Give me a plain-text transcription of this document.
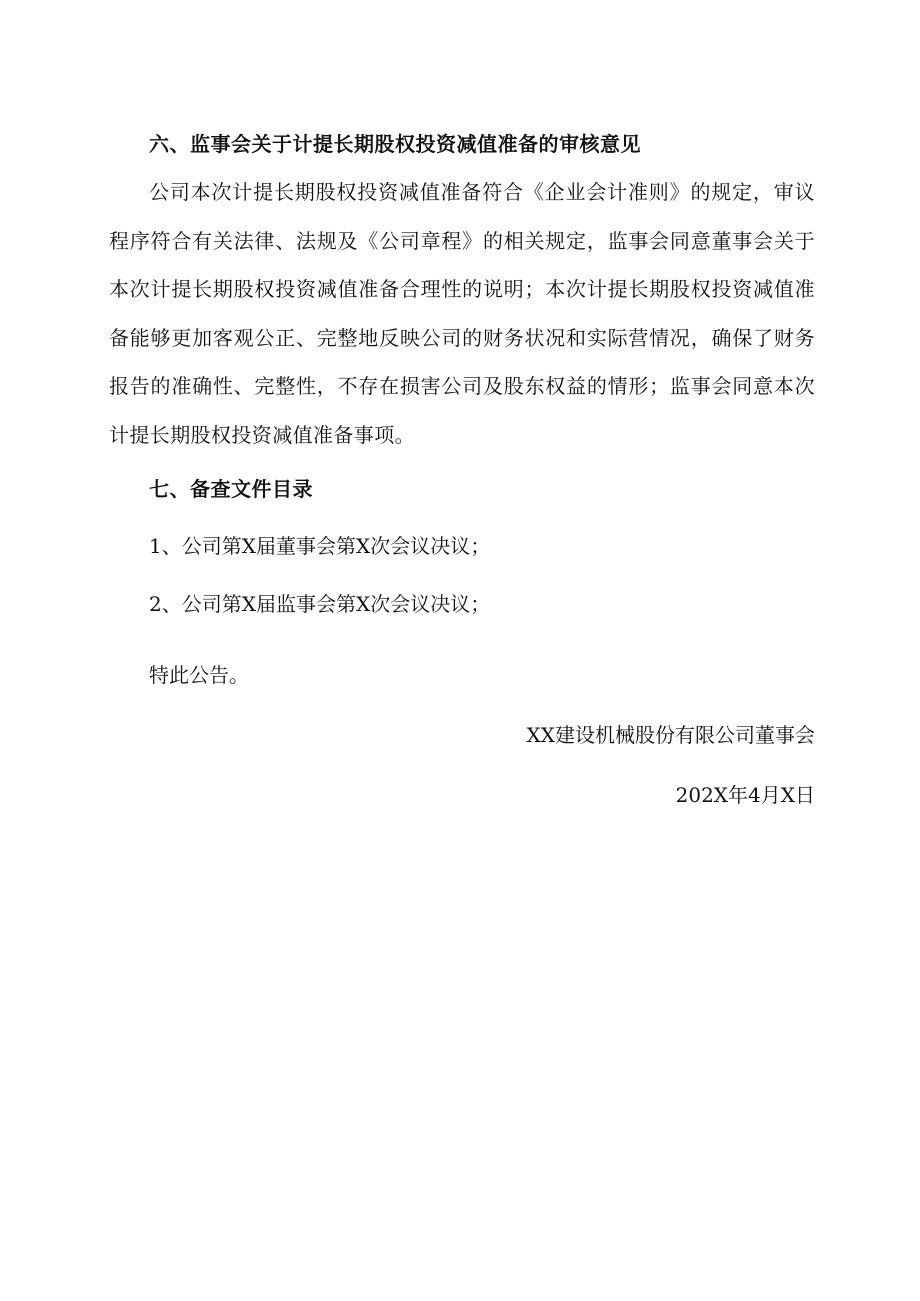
六、监事会关于计提长期股权投资减值准备的审核意见

公司本次计提长期股权投资减值准备符合《企业会计准则》的规定，审议程序符合有关法律、法规及《公司章程》的相关规定，监事会同意董事会关于本次计提长期股权投资减值准备合理性的说明；本次计提长期股权投资减值准备能够更加客观公正、完整地反映公司的财务状况和实际营情况，确保了财务报告的准确性、完整性，不存在损害公司及股东权益的情形；监事会同意本次计提长期股权投资减值准备事项。

七、备查文件目录

1、公司第X届董事会第X次会议决议；

2、公司第X届监事会第X次会议决议；

特此公告。

XX建设机械股份有限公司董事会

202X年4月X日
